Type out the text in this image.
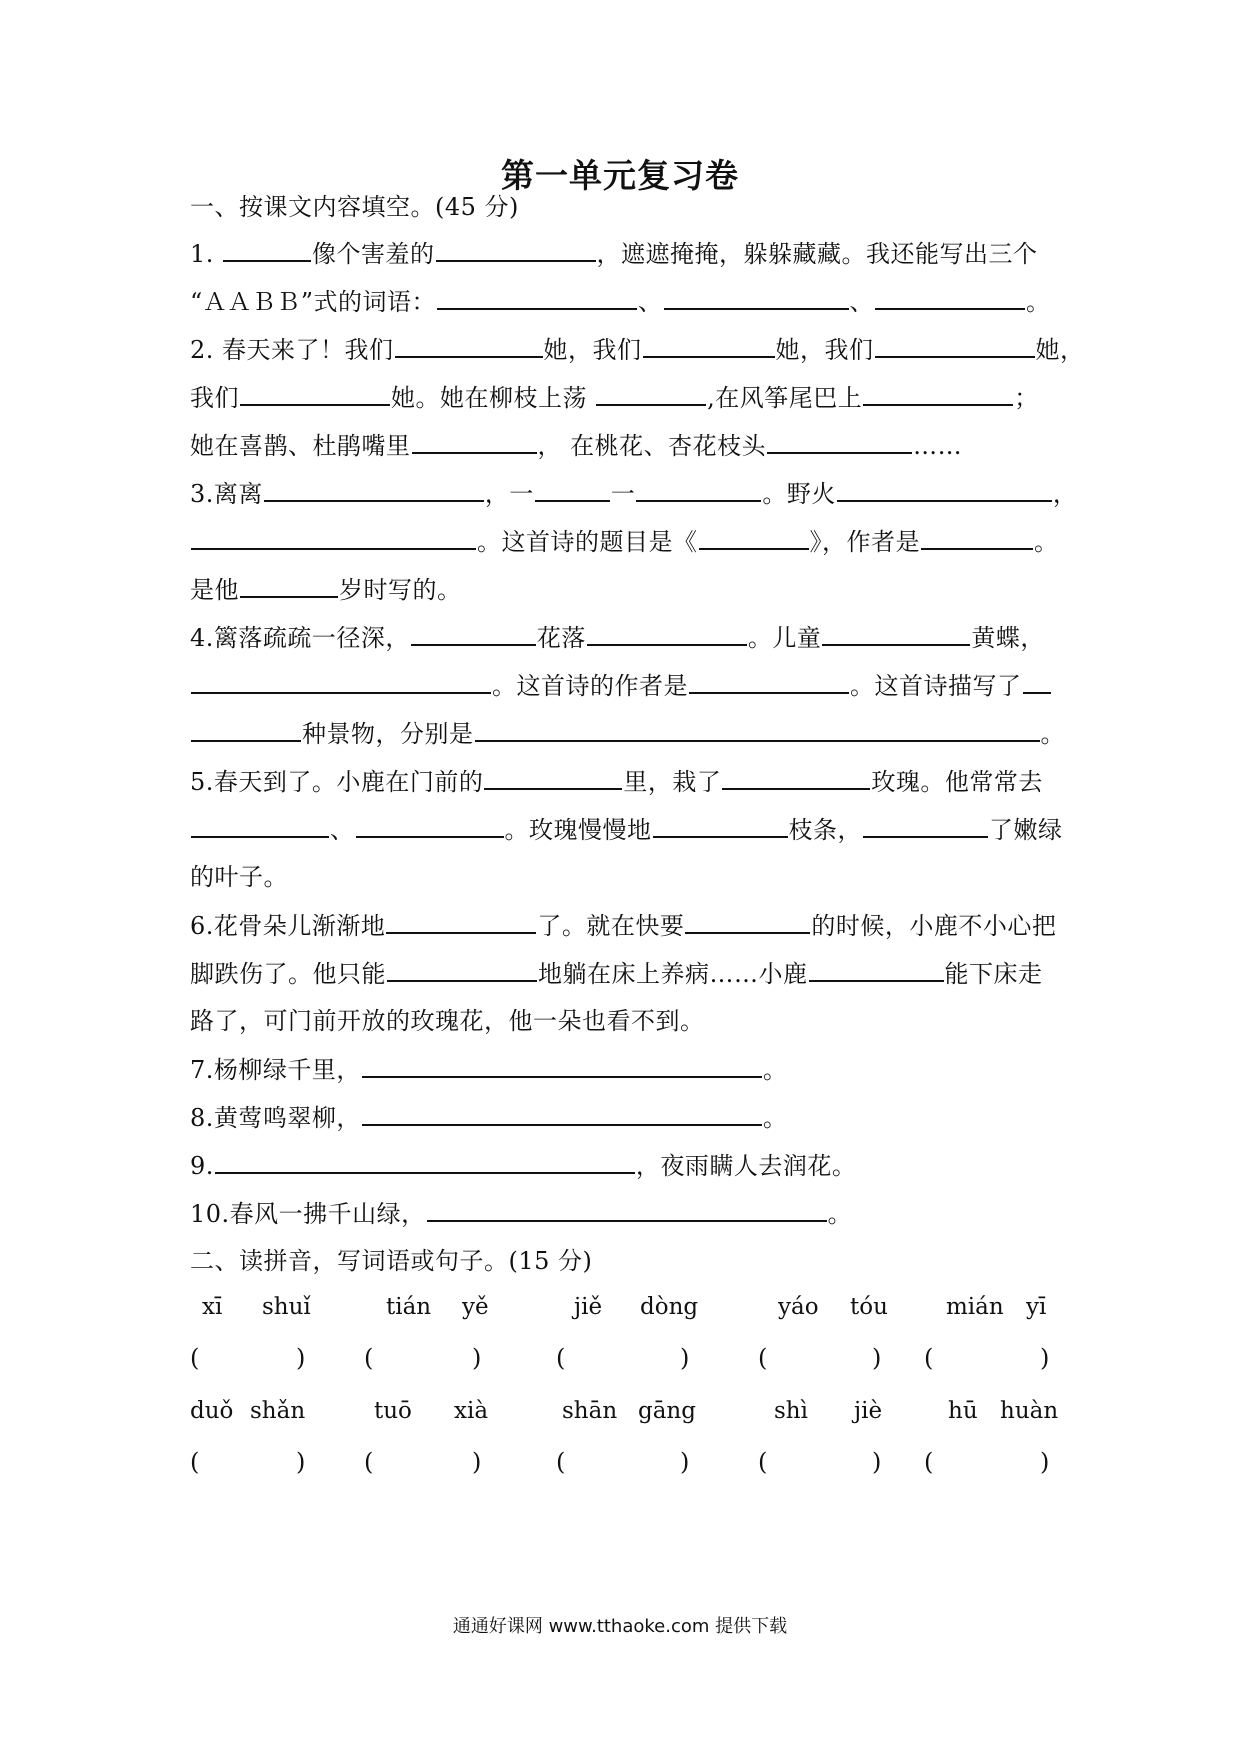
第一单元复习卷
一、按课文内容填空。(45 分)
1.	像个害羞的	，遮遮掩掩，躲躲藏藏。我还能写出三个
“ＡＡＢＢ”式的词语：	、	、	。
2. 春天来了！我们	她，我们	她，我们	她，
我们	她。她在柳枝上荡	,在风筝尾巴上	；
她在喜鹊、杜鹃嘴里	， 在桃花、杏花枝头	……
3.离离	，一	一	。野火	，
。这首诗的题目是《	》，作者是	。
是他	岁时写的。
4.篱落疏疏一径深，	花落	。儿童	黄蝶，
。这首诗的作者是	。这首诗描写了
种景物，分别是	。
5.春天到了。小鹿在门前的	里，栽了	玫瑰。他常常去
、	。玫瑰慢慢地	枝条，	了嫩绿
的叶子。
6.花骨朵儿渐渐地	了。就在快要	的时候，小鹿不小心把
脚跌伤了。他只能	地躺在床上养病……小鹿	能下床走
路了，可门前开放的玫瑰花，他一朵也看不到。
7.杨柳绿千里，	。
8.黄莺鸣翠柳，	。
9.	，夜雨瞒人去润花。
10.春风一拂千山绿，	。
二、读拼音，写词语或句子。(15 分)
xī shuǐ	tián yě	jiě dòng	yáo tóu	mián yī
(	) (	)	(	)	(	) (	)
duǒ shǎn	tuō xià	shān gāng	shì jiè	hū huàn
(	) (	)	(	)	(	) (	)
通通好课网 www.tthaoke.com 提供下载
